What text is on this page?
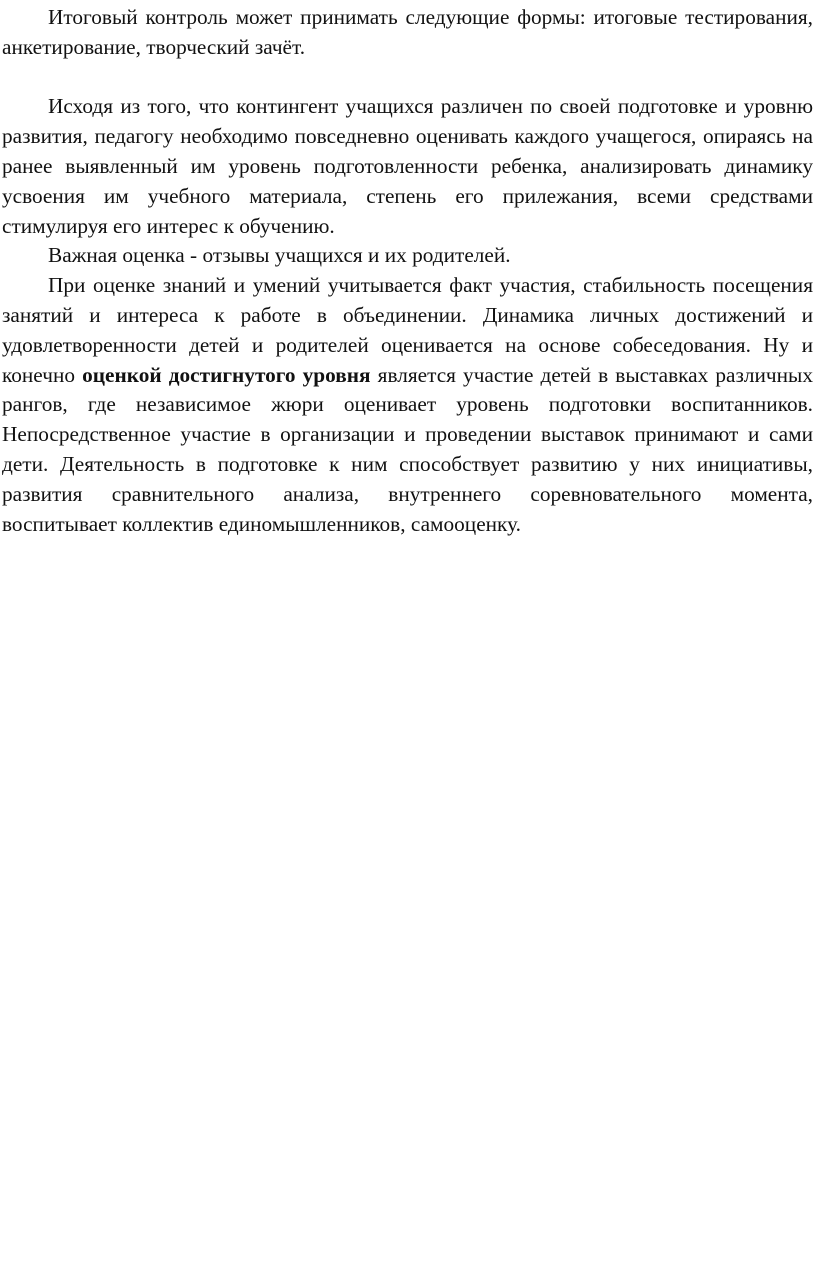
Итоговый контроль может принимать следующие формы: итоговые тестирования, анкетирование, творческий зачёт.

Исходя из того, что контингент учащихся различен по своей подготовке и уровню развития, педагогу необходимо повседневно оценивать каждого учащегося, опираясь на ранее выявленный им уровень подготовленности ребенка, анализировать динамику усвоения им учебного материала, степень его прилежания, всеми средствами стимулируя его интерес к обучению.

Важная оценка - отзывы учащихся и их родителей.

При оценке знаний и умений учитывается факт участия, стабильность посещения занятий и интереса к работе в объединении. Динамика личных достижений и удовлетворенности детей и родителей оценивается на основе собеседования. Ну и конечно оценкой достигнутого уровня является участие детей в выставках различных рангов, где независимое жюри оценивает уровень подготовки воспитанников. Непосредственное участие в организации и проведении выставок принимают и сами дети. Деятельность в подготовке к ним способствует развитию у них инициативы, развития сравнительного анализа, внутреннего соревновательного момента, воспитывает коллектив единомышленников, самооценку.
